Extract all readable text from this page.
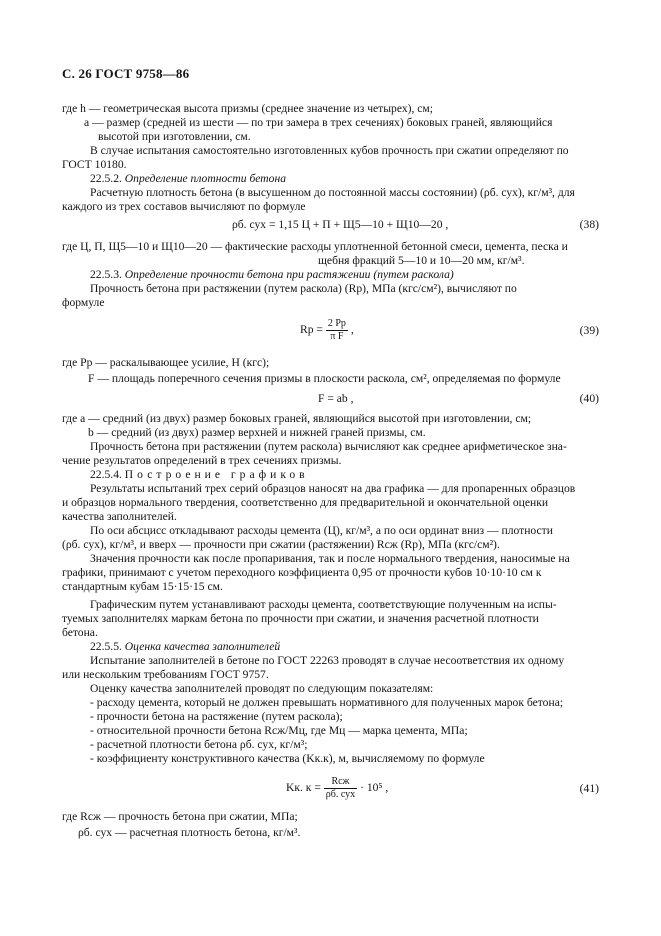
С. 26 ГОСТ 9758—86
где h — геометрическая высота призмы (среднее значение из четырех), см;
а — размер (средней из шести — по три замера в трех сечениях) боковых граней, являющийся
высотой при изготовлении, см.
В случае испытания самостоятельно изготовленных кубов прочность при сжатии определяют по
ГОСТ 10180.
22.5.2. Определение плотности бетона
Расчетную плотность бетона (в высушенном до постоянной массы состоянии) (ρб. сух), кг/м³, для
каждого из трех составов вычисляют по формуле
ρб. сух = 1,15 Ц + П + Щ5—10 + Щ10—20 ,	(38)
где Ц, П, Щ5—10 и Щ10—20 — фактические расходы уплотненной бетонной смеси, цемента, песка и
щебня фракций 5—10 и 10—20 мм, кг/м³.
22.5.3. Определение прочности бетона при растяжении (путем раскола)
Прочность бетона при растяжении (путем раскола) (Rр), МПа (кгс/см²), вычисляют по
формуле
Rр = $\frac{2 Pр}{\text{π F}}$ ,	(39)
где Pр — раскалывающее усилие, Н (кгс);
F — площадь поперечного сечения призмы в плоскости раскола, см², определяемая по формуле
F = ab ,	(40)
где а — средний (из двух) размер боковых граней, являющийся высотой при изготовлении, см;
b — средний (из двух) размер верхней и нижней граней призмы, см.
Прочность бетона при растяжении (путем раскола) вычисляют как среднее арифметическое зна-
чение результатов определений в трех сечениях призмы.
22.5.4. Построение графиков
Результаты испытаний трех серий образцов наносят на два графика — для пропаренных образцов
и образцов нормального твердения, соответственно для предварительной и окончательной оценки
качества заполнителей.
По оси абсцисс откладывают расходы цемента (Ц), кг/м³, а по оси ординат вниз — плотности
(ρб. сух), кг/м³, и вверх — прочности при сжатии (растяжении) Rсж (Rр), МПа (кгс/см²).
Значения прочности как после пропаривания, так и после нормального твердения, наносимые на
графики, принимают с учетом переходного коэффициента 0,95 от прочности кубов 10·10·10 см к
стандартным кубам 15·15·15 см.
Графическим путем устанавливают расходы цемента, соответствующие полученным на испы-
туемых заполнителях маркам бетона по прочности при сжатии, и значения расчетной плотности
бетона.
22.5.5. Оценка качества заполнителей
Испытание заполнителей в бетоне по ГОСТ 22263 проводят в случае несоответствия их одному
или нескольким требованиям ГОСТ 9757.
Оценку качества заполнителей проводят по следующим показателям:
- расходу цемента, который не должен превышать нормативного для полученных марок бетона;
- прочности бетона на растяжение (путем раскола);
- относительной прочности бетона Rсж/Mц, где Mц — марка цемента, МПа;
- расчетной плотности бетона ρб. сух, кг/м³;
- коэффициенту конструктивного качества (Kк.к), м, вычисляемому по формуле
Kк. $к = \frac{\text{Rсж}}{\text{ρб. сух}} \cdot 10^5$ ,	(41)
где Rсж — прочность бетона при сжатии, МПа;
ρб. сух — расчетная плотность бетона, кг/м³.
